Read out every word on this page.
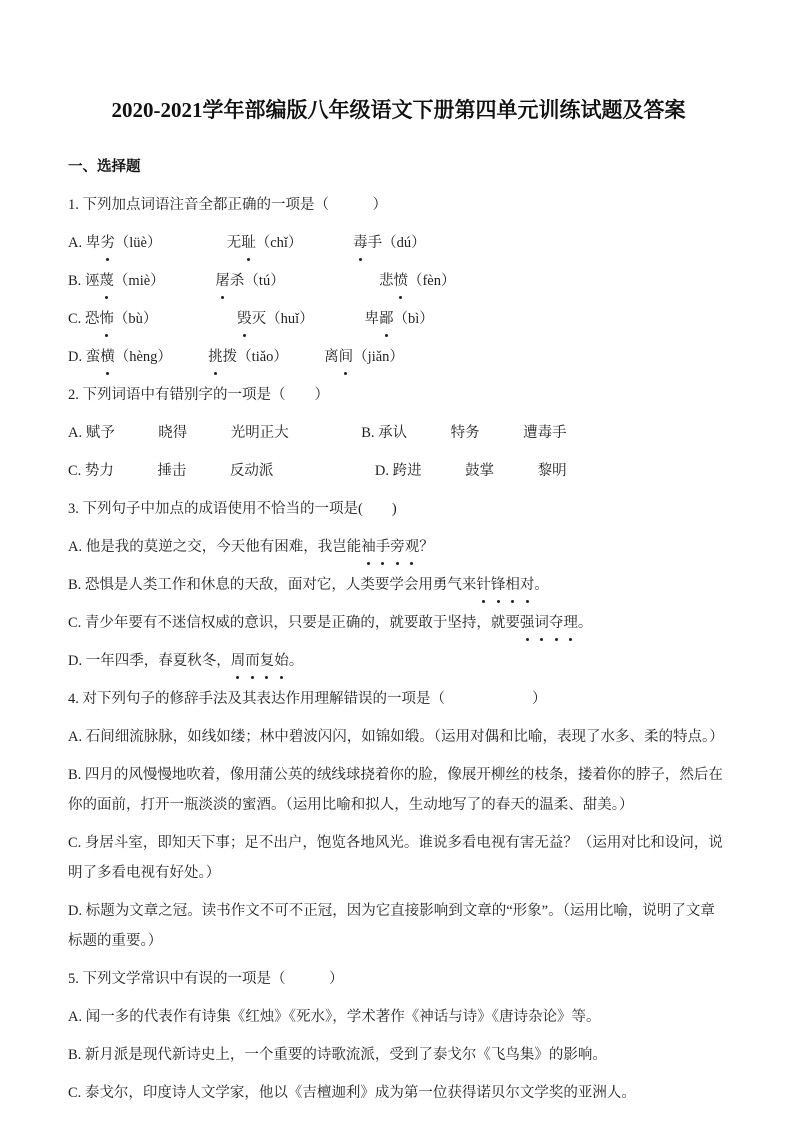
2020-2021学年部编版八年级语文下册第四单元训练试题及答案

一、选择题

1. 下列加点词语注音全都正确的一项是（　　　）

A. 卑劣（lüè）　　　　　无耻（chǐ）　　　　毒手（dú）

B. 诬蔑（miè）　　　　屠杀（tú）　　　　　　　悲愤（fèn）

C. 恐怖（bù）　　　　　　毁灭（huǐ）　　　　卑鄙（bì）

D. 蛮横（hèng）　　　挑拨（tiǎo）　　　离间（jiǎn）

2. 下列词语中有错别字的一项是（　　）

A. 赋予　　　晓得　　　光明正大　　　　　B. 承认　　　特务　　　遭毒手

C. 势力　　　捶击　　　反动派　　　　　　　D. 跨进　　　鼓掌　　　黎明

3. 下列句子中加点的成语使用不恰当的一项是(　　)

A. 他是我的莫逆之交，今天他有困难，我岂能袖手旁观？

B. 恐惧是人类工作和休息的天敌，面对它，人类要学会用勇气来针锋相对。

C. 青少年要有不迷信权威的意识，只要是正确的，就要敢于坚持，就要强词夺理。

D. 一年四季，春夏秋冬，周而复始。

4. 对下列句子的修辞手法及其表达作用理解错误的一项是（　　　　　　）

A. 石间细流脉脉，如线如缕；林中碧波闪闪，如锦如缎。（运用对偶和比喻，表现了水多、柔的特点。）

B. 四月的风慢慢地吹着，像用蒲公英的绒线球挠着你的脸，像展开柳丝的枝条，搂着你的脖子，然后在你的面前，打开一瓶淡淡的蜜酒。（运用比喻和拟人，生动地写了的春天的温柔、甜美。）

C. 身居斗室，即知天下事；足不出户，饱览各地风光。谁说多看电视有害无益？（运用对比和设问，说明了多看电视有好处。）

D. 标题为文章之冠。读书作文不可不正冠，因为它直接影响到文章的“形象”。（运用比喻，说明了文章标题的重要。）

5. 下列文学常识中有误的一项是（　　　）

A. 闻一多的代表作有诗集《红烛》《死水》，学术著作《神话与诗》《唐诗杂论》等。

B. 新月派是现代新诗史上，一个重要的诗歌流派，受到了泰戈尔《飞鸟集》的影响。

C. 泰戈尔，印度诗人文学家，他以《吉檀迦利》成为第一位获得诺贝尔文学奖的亚洲人。
